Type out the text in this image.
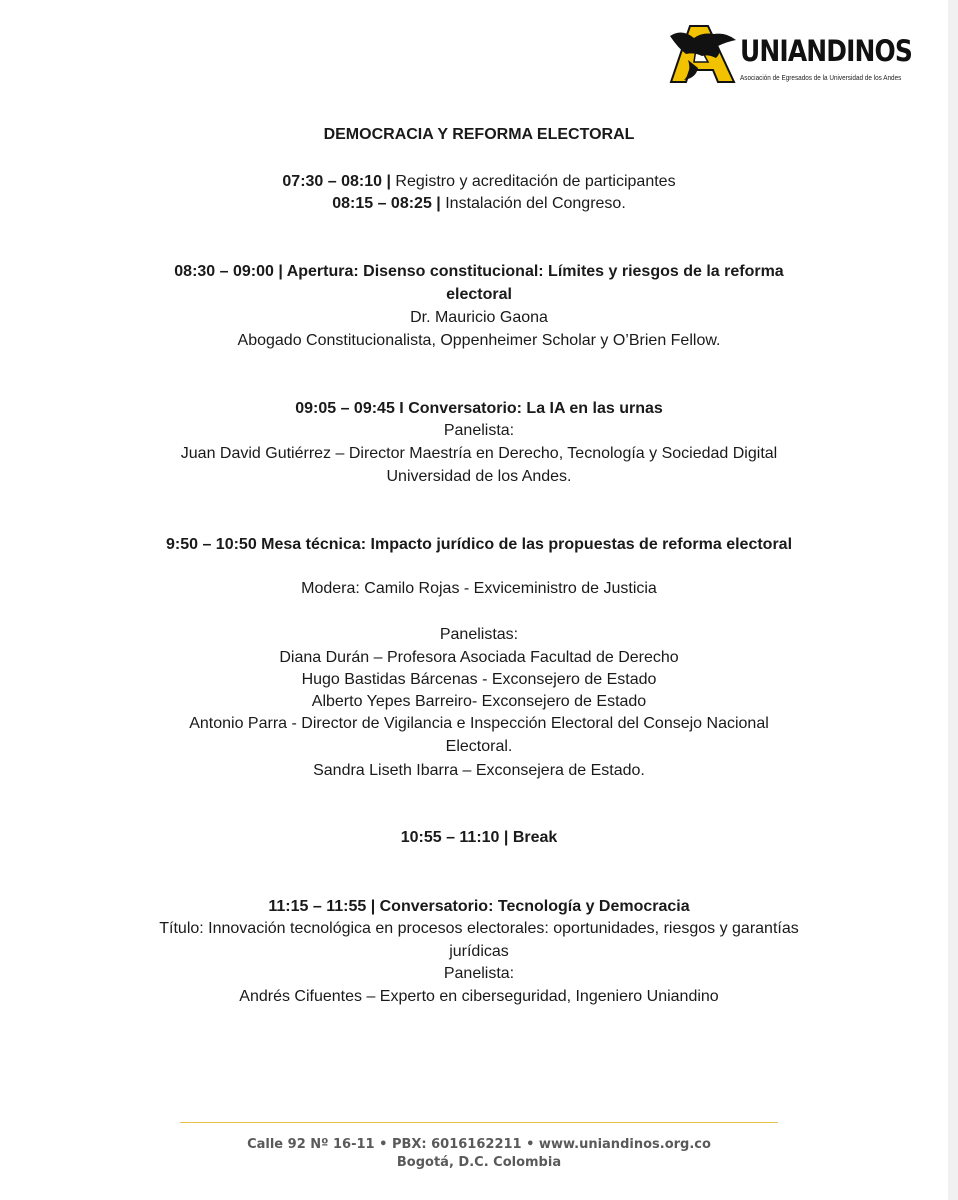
UNIANDINOS
Asociación de Egresados de la Universidad de los Andes
DEMOCRACIA Y REFORMA ELECTORAL
07:30 – 08:10 | Registro y acreditación de participantes
08:15 – 08:25 | Instalación del Congreso.
08:30 – 09:00 | Apertura: Disenso constitucional: Límites y riesgos de la reforma
electoral
Dr. Mauricio Gaona
Abogado Constitucionalista, Oppenheimer Scholar y O’Brien Fellow.
09:05 – 09:45 I Conversatorio: La IA en las urnas
Panelista:
Juan David Gutiérrez – Director Maestría en Derecho, Tecnología y Sociedad Digital
Universidad de los Andes.
9:50 – 10:50 Mesa técnica: Impacto jurídico de las propuestas de reforma electoral
Modera: Camilo Rojas - Exviceministro de Justicia
Panelistas:
Diana Durán – Profesora Asociada Facultad de Derecho
Hugo Bastidas Bárcenas - Exconsejero de Estado
Alberto Yepes Barreiro- Exconsejero de Estado
Antonio Parra - Director de Vigilancia e Inspección Electoral del Consejo Nacional
Electoral.
Sandra Liseth Ibarra – Exconsejera de Estado.
10:55 – 11:10 | Break
11:15 – 11:55 | Conversatorio: Tecnología y Democracia
Título: Innovación tecnológica en procesos electorales: oportunidades, riesgos y garantías
jurídicas
Panelista:
Andrés Cifuentes – Experto en ciberseguridad, Ingeniero Uniandino
Calle 92 Nº 16-11 • PBX: 6016162211 • www.uniandinos.org.co
Bogotá, D.C. Colombia
